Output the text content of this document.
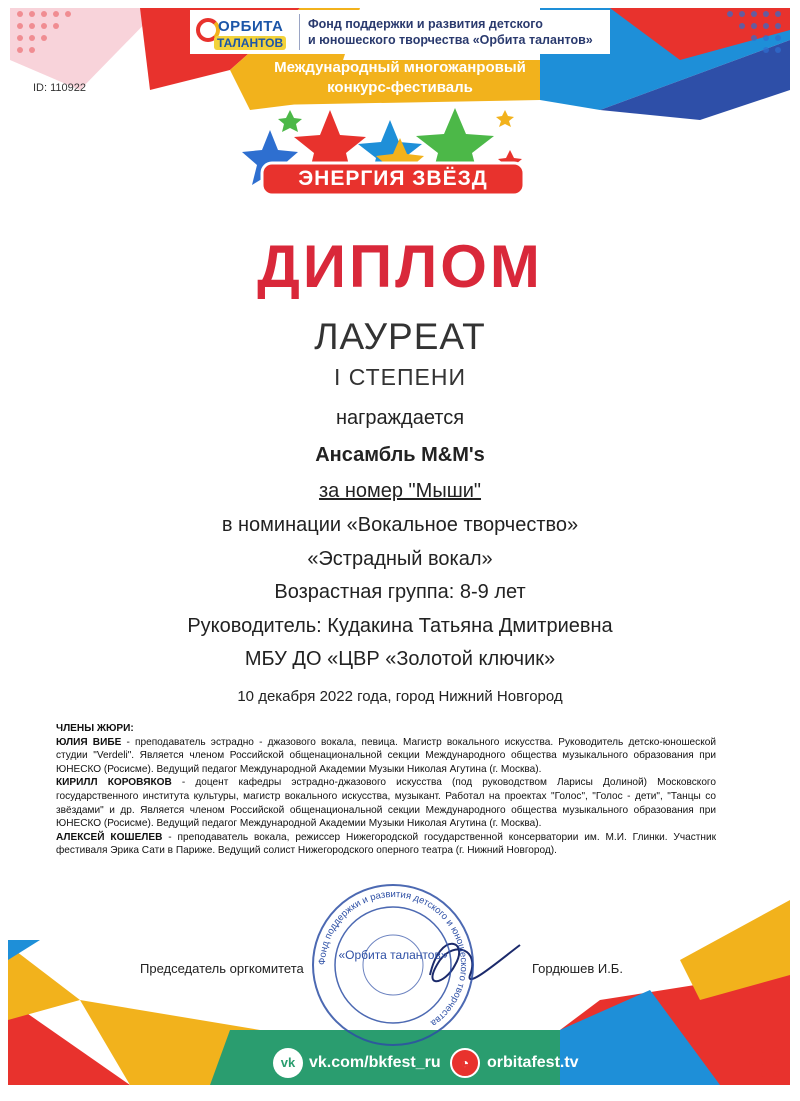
ОРБИТА
ТАЛАНТОВ
Фонд поддержки и развития детского
и юношеского творчества «Орбита талантов»
ID: 110922
Международный многожанровый
конкурс-фестиваль
ЭНЕРГИЯ ЗВЁЗД
ДИПЛОМ
ЛАУРЕАТ
I СТЕПЕНИ
награждается
Ансамбль M&M's
за номер "Мыши"
в номинации «Вокальное творчество»
«Эстрадный вокал»
Возрастная группа: 8-9 лет
Руководитель: Кудакина Татьяна Дмитриевна
МБУ ДО «ЦВР «Золотой ключик»
10 декабря 2022 года, город Нижний Новгород
ЧЛЕНЫ ЖЮРИ:
ЮЛИЯ ВИБЕ - преподаватель эстрадно - джазового вокала, певица. Магистр вокального искусства. Руководитель детско-юношеской студии "Verdeli". Является членом Российской общенациональной секции Международного общества музыкального образования при ЮНЕСКО (Росисме). Ведущий педагог Международной Академии Музыки Николая Агутина (г. Москва).
КИРИЛЛ КОРОВЯКОВ - доцент кафедры эстрадно-джазового искусства (под руководством Ларисы Долиной) Московского государственного института культуры, магистр вокального искусства, музыкант. Работал на проектах "Голос", "Голос - дети", "Танцы со звёздами" и др. Является членом Российской общенациональной секции Международного общества музыкального образования при ЮНЕСКО (Росисме). Ведущий педагог Международной Академии Музыки Николая Агутина (г. Москва).
АЛЕКСЕЙ КОШЕЛЕВ - преподаватель вокала, режиссер Нижегородской государственной консерватории им. М.И. Глинки. Участник фестиваля Эрика Сати в Париже. Ведущий солист Нижегородского оперного театра (г. Нижний Новгород).
Фонд поддержки и развития детского и юношеского творчества
«Орбита талантов»
Председатель оргкомитета	Гордюшев И.Б.
vk vk.com/bkfest_ru	◔	orbitafest.tv
